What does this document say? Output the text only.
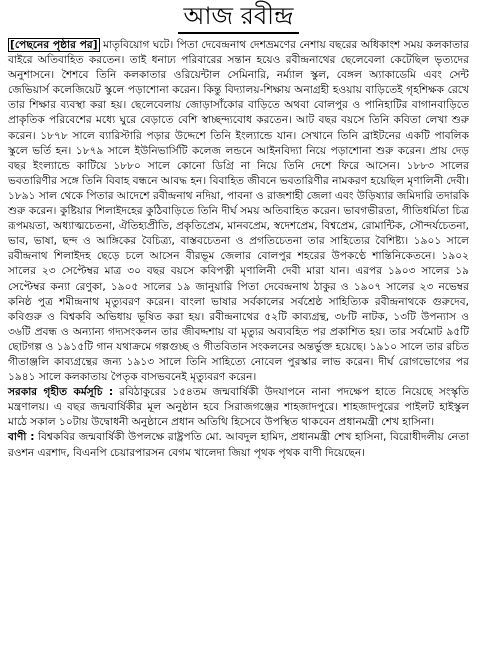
আজ রবীন্দ্র

[পেছনের পৃষ্ঠার পর] মাতৃবিয়োগ ঘটে। পিতা দেবেন্দ্রনাথ দেশভ্রমণের নেশায় বছরের অধিকাংশ সময় কলকাতার বাইরে অতিবাহিত করতেন। তাই ধনাঢ্য পরিবারের সন্তান হয়েও রবীন্দ্রনাথের ছেলেবেলা কেটেছিল ভৃত্যদের অনুশাসনে। শৈশবে তিনি কলকাতার ওরিয়েন্টাল সেমিনারি, নর্ম্যাল স্কুল, বেঙ্গল অ্যাকাডেমি এবং সেন্ট জেভিয়ার্স কলেজিয়েট স্কুলে পড়াশোনা করেন। কিন্তু বিদ্যালয়-শিক্ষায় অনাগ্রহী হওয়ায় বাড়িতেই গৃহশিক্ষক রেখে তার শিক্ষার ব্যবস্থা করা হয়। ছেলেবেলায় জোড়াসাঁকোর বাড়িতে অথবা বোলপুর ও পানিহাটির বাগানবাড়িতে প্রাকৃতিক পরিবেশের মধ্যে ঘুরে বেড়াতে বেশি স্বাচ্ছন্দ্যবোধ করতেন। আট বছর বয়সে তিনি কবিতা লেখা শুরু করেন। ১৮৭৮ সালে ব্যারিস্টারি পড়ার উদ্দেশে তিনি ইংল্যান্ডে যান। সেখানে তিনি ব্রাইটনের একটি পাবলিক স্কুলে ভর্তি হন। ১৮৭৯ সালে ইউনিভার্সিটি কলেজ লন্ডনে আইনবিদ্যা নিয়ে পড়াশোনা শুরু করেন। প্রায় দেড় বছর ইংল্যান্ডে কাটিয়ে ১৮৮০ সালে কোনো ডিগ্রি না নিয়ে তিনি দেশে ফিরে আসেন। ১৮৮৩ সালের ভবতারিণীর সঙ্গে তিনি বিবাহ বন্ধনে আবদ্ধ হন। বিবাহিত জীবনে ভবতারিণীর নামকরণ হয়েছিল মৃণালিনী দেবী। ১৮৯১ সাল থেকে পিতার আদেশে রবীন্দ্রনাথ নদিয়া, পাবনা ও রাজশাহী জেলা এবং উড়িষ্যার জমিদারি তদারকি শুরু করেন। কুষ্টিয়ার শিলাইদহের কুঠিবাড়িতে তিনি দীর্ঘ সময় অতিবাহিত করেন। ভাবগভীরতা, গীতিধর্মিতা চিত্র রূপময়তা, অধ্যাত্মচেতনা, ঐতিহ্যপ্রীতি, প্রকৃতিপ্রেম, মানবপ্রেম, স্বদেশপ্রেম, বিশ্বপ্রেম, রোমান্টিক, সৌন্দর্যচেতনা, ভাব, ভাষা, ছন্দ ও আঙ্গিকের বৈচিত্র্য, বাস্তবচেতনা ও প্রগতিচেতনা তার সাহিত্যের বৈশিষ্ট্য। ১৯০১ সালে রবীন্দ্রনাথ শিলাইদহ ছেড়ে চলে আসেন বীরভূম জেলার বোলপুর শহরের উপকণ্ঠে শান্তিনিকেতনে। ১৯০২ সালের ২৩ সেপ্টেম্বর মাত্র ৩০ বছর বয়সে কবিপত্নী মৃণালিনী দেবী মারা যান। এরপর ১৯০৩ সালের ১৯ সেপ্টেম্বর কন্যা রেণুকা, ১৯০৫ সালের ১৯ জানুয়ারি পিতা দেবেন্দ্রনাথ ঠাকুর ও ১৯০৭ সালের ২৩ নভেম্বর কনিষ্ঠ পুত্র শমীন্দ্রনাথ মৃত্যুবরণ করেন। বাংলা ভাষার সর্বকালের সর্বশ্রেষ্ঠ সাহিত্যিক রবীন্দ্রনাথকে গুরুদেব, কবিগুরু ও বিশ্বকবি অভিধায় ভূষিত করা হয়। রবীন্দ্রনাথের ৫২টি কাব্যগ্রন্থ, ৩৮টি নাটক, ১৩টি উপন্যাস ও ৩৬টি প্রবন্ধ ও অন্যান্য গদ্যসংকলন তার জীবদ্দশায় বা মৃত্যুর অব্যবহিত পর প্রকাশিত হয়। তার সর্বমোট ৯৫টি ছোটগল্প ও ১৯১৫টি গান যথাক্রমে গল্পগুচ্ছ ও গীতবিতান সংকলনের অন্তর্ভুক্ত হয়েছে। ১৯১০ সালে তার রচিত গীতাঞ্জলি কাব্যগ্রন্থের জন্য ১৯১৩ সালে তিনি সাহিত্যে নোবেল পুরস্কার লাভ করেন। দীর্ঘ রোগভোগের পর ১৯৪১ সালে কলকাতায় পৈতৃক বাসভবনেই মৃত্যুবরণ করেন।

সরকার গৃহীত কর্মসূচি : রবিঠাকুরের ১৫৪তম জন্মবার্ষিকী উদযাপনে নানা পদক্ষেপ হাতে নিয়েছে সংস্কৃতি মন্ত্রণালয়। এ বছর জন্মবার্ষিকীর মূল অনুষ্ঠান হবে সিরাজগঞ্জের শাহজাদপুরে। শাহজাদপুরের পাইলট হাইস্কুল মাঠে সকাল ১০টায় উদ্বোধনী অনুষ্ঠানে প্রধান অতিথি হিসেবে উপস্থিত থাকবেন প্রধানমন্ত্রী শেখ হাসিনা।

বাণী : বিশ্বকবির জন্মবার্ষিকী উপলক্ষে রাষ্ট্রপতি মো. আবদুল হামিদ, প্রধানমন্ত্রী শেখ হাসিনা, বিরোধীদলীয় নেতা রওশন এরশাদ, বিএনপি চেয়ারপারসন বেগম খালেদা জিয়া পৃথক পৃথক বাণী দিয়েছেন।
